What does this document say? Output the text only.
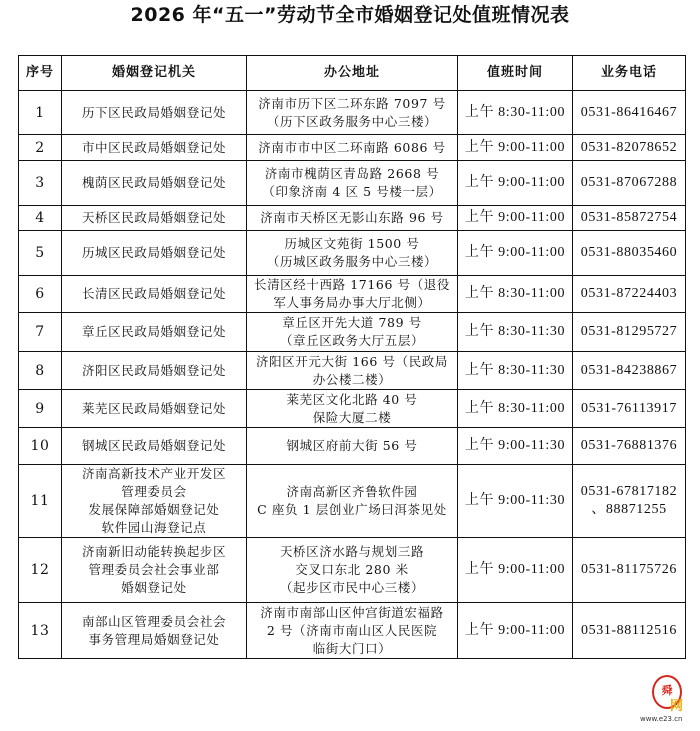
2026 年“五一”劳动节全市婚姻登记处值班情况表
序号	婚姻登记机关	办公地址	值班时间	业务电话

1	历下区民政局婚姻登记处	济南市历下区二环东路 7097 号
（历下区政务服务中心三楼）	上午 8:30-11:00	0531-86416467

2	市中区民政局婚姻登记处	济南市市中区二环南路 6086 号	上午 9:00-11:00	0531-82078652

3	槐荫区民政局婚姻登记处	济南市槐荫区青岛路 2668 号
（印象济南 4 区 5 号楼一层）	上午 9:00-11:00	0531-87067288

4	天桥区民政局婚姻登记处	济南市天桥区无影山东路 96 号	上午 9:00-11:00	0531-85872754

5	历城区民政局婚姻登记处	历城区文苑街 1500 号
（历城区政务服务中心三楼）	上午 9:00-11:00	0531-88035460

6	长清区民政局婚姻登记处	长清区经十西路 17166 号（退役
军人事务局办事大厅北侧）	上午 8:30-11:00	0531-87224403

7	章丘区民政局婚姻登记处	章丘区开先大道 789 号
（章丘区政务大厅五层）	上午 8:30-11:30	0531-81295727

8	济阳区民政局婚姻登记处	济阳区开元大街 166 号（民政局
办公楼二楼）	上午 8:30-11:30	0531-84238867

9	莱芜区民政局婚姻登记处	莱芜区文化北路 40 号
保险大厦二楼	上午 8:30-11:00	0531-76113917

10	钢城区民政局婚姻登记处	钢城区府前大街 56 号	上午 9:00-11:30	0531-76881376

11	济南高新技术产业开发区
管理委员会
发展保障部婚姻登记处
软件园山海登记点	济南高新区齐鲁软件园
C 座负 1 层创业广场曰洱茶见处	上午 9:00-11:30	0531-67817182
、88871255

12	济南新旧动能转换起步区
管理委员会社会事业部
婚姻登记处	天桥区济水路与规划三路
交叉口东北 280 米
（起步区市民中心三楼）	上午 9:00-11:00	0531-81175726

13	南部山区管理委员会社会
事务管理局婚姻登记处	济南市南部山区仲宫街道宏福路
2 号（济南市南山区人民医院
临街大门口）	上午 9:00-11:00	0531-88112516
舜
网
www.e23.cn
